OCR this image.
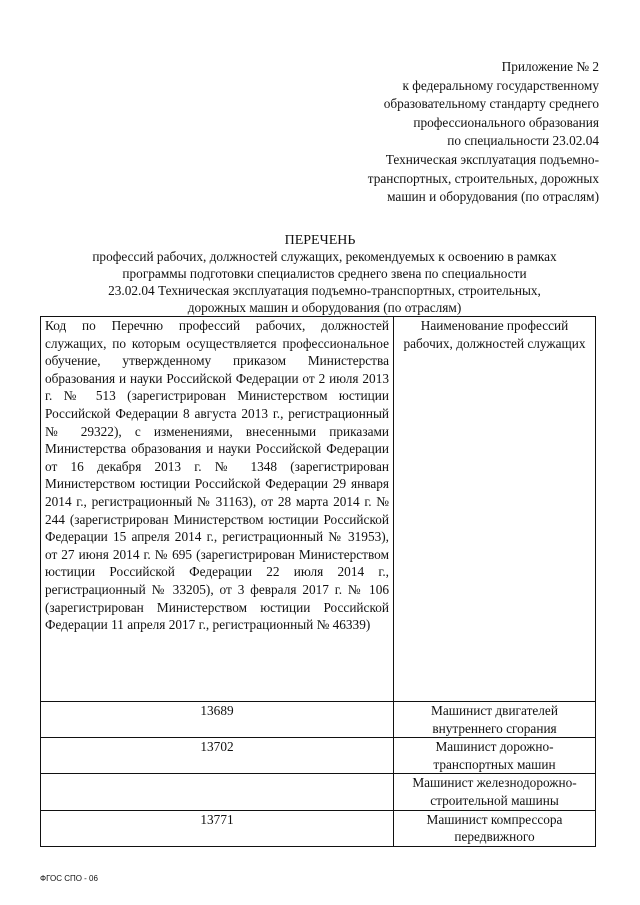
Приложение № 2
к федеральному государственному
образовательному стандарту среднего
профессионального образования
по специальности 23.02.04
Техническая эксплуатация подъемно-
транспортных, строительных, дорожных
машин и оборудования (по отраслям)
ПЕРЕЧЕНЬ
профессий рабочих, должностей служащих, рекомендуемых к освоению в рамках
программы подготовки специалистов среднего звена по специальности
23.02.04 Техническая эксплуатация подъемно-транспортных, строительных,
дорожных машин и оборудования (по отраслям)
Код по Перечню профессий рабочих, должностей служащих, по которым осуществляется профессиональное обучение, утвержденному приказом Министерства образования и науки Российской Федерации от 2 июля 2013 г. № 513 (зарегистрирован Министерством юстиции Российской Федерации 8 августа 2013 г., регистрационный № 29322), с изменениями, внесенными приказами Министерства образования и науки Российской Федерации от 16 декабря 2013 г. № 1348 (зарегистрирован Министерством юстиции Российской Федерации 29 января 2014 г., регистрационный № 31163), от 28 марта 2014 г. № 244 (зарегистрирован Министерством юстиции Российской Федерации 15 апреля 2014 г., регистрационный № 31953), от 27 июня 2014 г. № 695 (зарегистрирован Министерством юстиции Российской Федерации 22 июля 2014 г., регистрационный № 33205), от 3 февраля 2017 г. № 106 (зарегистрирован Министерством юстиции Российской Федерации 11 апреля 2017 г., регистрационный № 46339)	Наименование профессий рабочих, должностей служащих
13689	Машинист двигателей внутреннего сгорания
13702	Машинист дорожно-транспортных машин
	Машинист железнодорожно-строительной машины
13771	Машинист компрессора передвижного
ФГОС СПО - 06
